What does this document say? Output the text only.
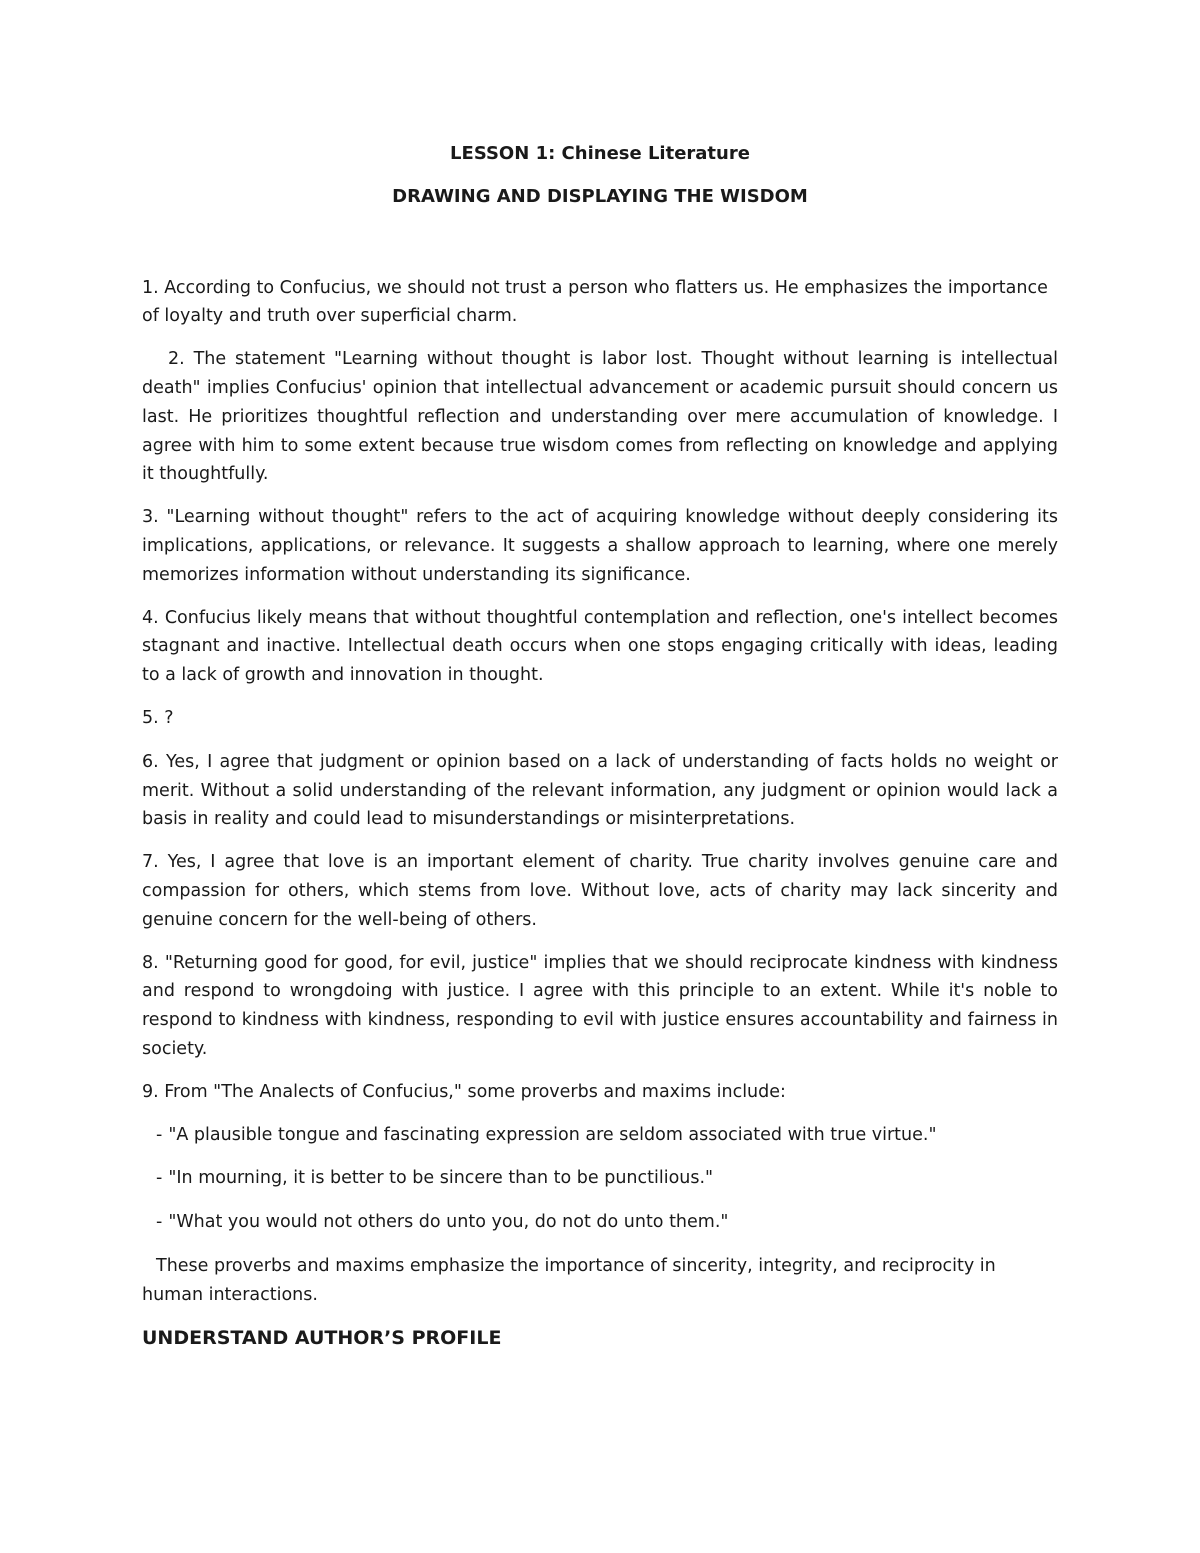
LESSON 1: Chinese Literature

DRAWING AND DISPLAYING THE WISDOM

1. According to Confucius, we should not trust a person who flatters us. He emphasizes the importance of loyalty and truth over superficial charm.

2. The statement "Learning without thought is labor lost. Thought without learning is intellectual death" implies Confucius' opinion that intellectual advancement or academic pursuit should concern us last. He prioritizes thoughtful reflection and understanding over mere accumulation of knowledge. I agree with him to some extent because true wisdom comes from reflecting on knowledge and applying it thoughtfully.

3. "Learning without thought" refers to the act of acquiring knowledge without deeply considering its implications, applications, or relevance. It suggests a shallow approach to learning, where one merely memorizes information without understanding its significance.

4. Confucius likely means that without thoughtful contemplation and reflection, one's intellect becomes stagnant and inactive. Intellectual death occurs when one stops engaging critically with ideas, leading to a lack of growth and innovation in thought.

5. ?

6. Yes, I agree that judgment or opinion based on a lack of understanding of facts holds no weight or merit. Without a solid understanding of the relevant information, any judgment or opinion would lack a basis in reality and could lead to misunderstandings or misinterpretations.

7. Yes, I agree that love is an important element of charity. True charity involves genuine care and compassion for others, which stems from love. Without love, acts of charity may lack sincerity and genuine concern for the well-being of others.

8. "Returning good for good, for evil, justice" implies that we should reciprocate kindness with kindness and respond to wrongdoing with justice. I agree with this principle to an extent. While it's noble to respond to kindness with kindness, responding to evil with justice ensures accountability and fairness in society.

9. From "The Analects of Confucius," some proverbs and maxims include:

- "A plausible tongue and fascinating expression are seldom associated with true virtue."

- "In mourning, it is better to be sincere than to be punctilious."

- "What you would not others do unto you, do not do unto them."

These proverbs and maxims emphasize the importance of sincerity, integrity, and reciprocity in human interactions.

UNDERSTAND AUTHOR’S PROFILE
